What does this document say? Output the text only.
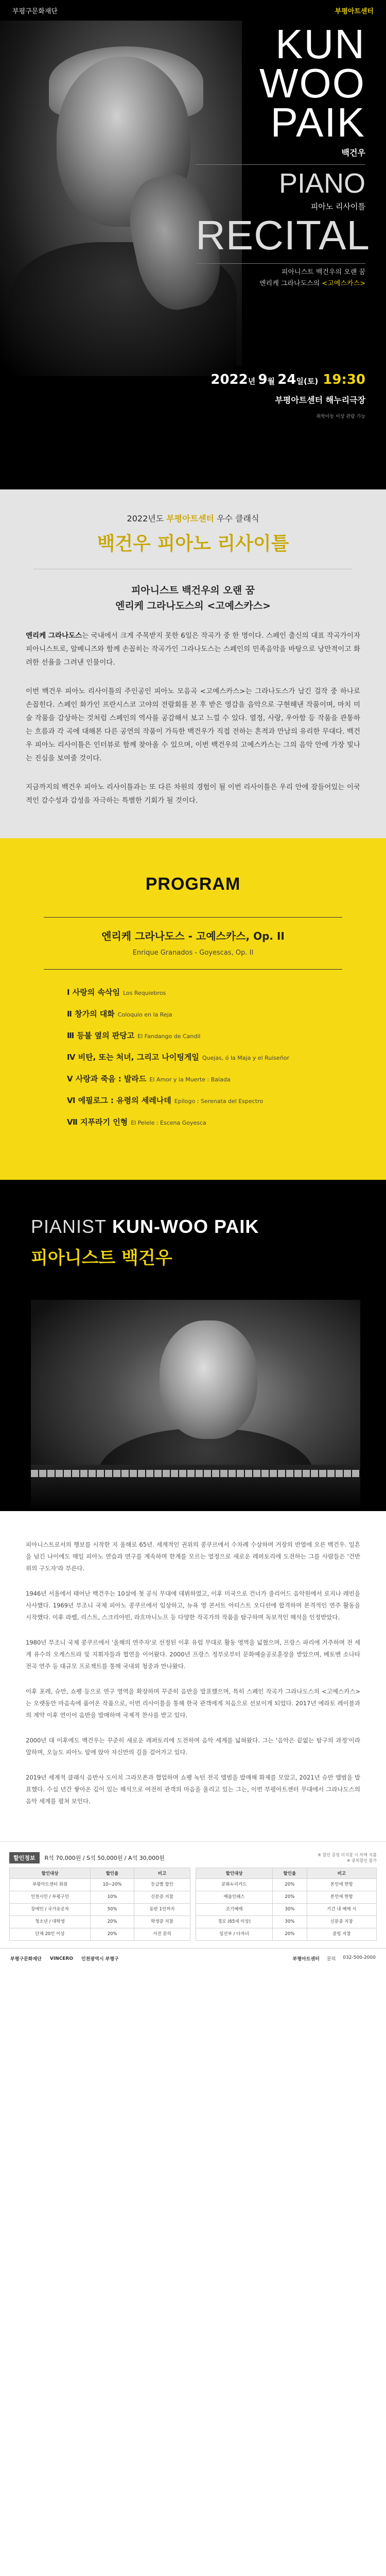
부평구문화재단	부평아트센터
KUN
WOO
PAIK
백건우
PIANO
피아노 리사이틀
RECITAL
피아니스트 백건우의 오랜 꿈
엔리케 그라나도스의 <고예스카스>
2022년 9월 24일(토) 19:30
부평아트센터 해누리극장
취학아동 이상 관람 가능
2022년도 부평아트센터 우수 클래식
백건우 피아노 리사이틀
피아니스트 백건우의 오랜 꿈
엔리케 그라나도스의 <고예스카스>

엔리케 그라나도스는 국내에서 크게 주목받지 못한 6일은 작곡가 중 한 명이다. 스페인 출신의 대표 작곡가이자 피아니스트로, 알베니즈와 함께 손꼽히는 작곡가인 그라나도스는 스페인의 민족음악을 바탕으로 낭만적이고 화려한 선율을 그려낸 인물이다.

이번 백건우 피아노 리사이틀의 주인공인 피아노 모음곡 <고예스카스>는 그라나도스가 남긴 걸작 중 하나로 손꼽힌다. 스페인 화가인 프란시스코 고야의 전람회를 본 후 받은 영감을 음악으로 구현해낸 작품이며, 마치 미술 작품을 감상하는 것처럼 스페인의 역사를 공감해서 보고 느낄 수 있다. 열정, 사랑, 우아함 등 작품을 관통하는 흐름과 각 곡에 대해본 다른 공연의 작품이 가득한 백건우가 직접 전하는 흔적과 만남의 유리한 무대다. 백건우 피아노 리사이틀은 인터뷰로 함께 찾아올 수 있으며, 이번 백건우의 고예스카스는 그의 음악 안에 가장 빛나는 진심을 보여줄 것이다.

지금까지의 백건우 피아노 리사이틀과는 또 다른 차원의 경험이 될 이번 리사이틀은 우리 안에 잠들어있는 이국적인 감수성과 감성을 자극하는 특별한 기회가 될 것이다.

PROGRAM
엔리케 그라나도스 - 고예스카스, Op. II
Enrique Granados - Goyescas, Op. II
Ⅰ 사랑의 속삭임 Los Requiebros
Ⅱ 창가의 대화 Coloquio en la Reja
Ⅲ 등불 옆의 판당고 El Fandango de Candil
Ⅳ 비탄, 또는 처녀, 그리고 나이팅게일 Quejas, ó la Maja y el Ruiseñor
Ⅴ 사랑과 죽음 : 발라드 El Amor y la Muerte : Balada
Ⅵ 에필로그 : 유령의 세레나데 Epílogo : Serenata del Espectro
Ⅶ 지푸라기 인형 El Pelele : Escena Goyesca
PIANIST KUN-WOO PAIK
피아니스트 백건우

피아니스트로서의 행보를 시작한 지 올해로 65년. 세계적인 권위의 콩쿠르에서 수차례 수상하며 거장의 반열에 오른 백건우. 일흔을 넘긴 나이에도 매일 피아노 연습과 연구를 계속하며 한계를 모르는 열정으로 새로운 레퍼토리에 도전하는 그를 사람들은 '건반 위의 구도자'라 부른다.

1946년 서울에서 태어난 백건우는 10살에 첫 공식 무대에 데뷔하였고, 이후 미국으로 건너가 줄리어드 음악원에서 로지나 레빈을 사사했다. 1969년 부조니 국제 피아노 콩쿠르에서 입상하고, 뉴욕 영 콘서트 아티스트 오디션에 합격하며 본격적인 연주 활동을 시작했다. 이후 라벨, 리스트, 스크리아빈, 라흐마니노프 등 다양한 작곡가의 작품을 탐구하며 독보적인 해석을 인정받았다.

1980년 부조니 국제 콩쿠르에서 '올해의 연주자'로 선정된 이후 유럽 무대로 활동 영역을 넓혔으며, 프랑스 파리에 거주하며 전 세계 유수의 오케스트라 및 지휘자들과 협연을 이어왔다. 2000년 프랑스 정부로부터 문화예술공로훈장을 받았으며, 베토벤 소나타 전곡 연주 등 대규모 프로젝트를 통해 국내외 청중과 만나왔다.

이후 포레, 슈만, 쇼팽 등으로 연구 영역을 확장하며 꾸준히 음반을 발표했으며, 특히 스페인 작곡가 그라나도스의 <고예스카스>는 오랫동안 마음속에 품어온 작품으로, 이번 리사이틀을 통해 한국 관객에게 처음으로 선보이게 되었다. 2017년 에라토 레이블과의 계약 이후 연이어 음반을 발매하며 국제적 찬사를 받고 있다.

2000년 대 이후에도 백건우는 꾸준히 새로운 레퍼토리에 도전하며 음악 세계를 넓혀왔다. 그는 '음악은 끝없는 탐구의 과정'이라 말하며, 오늘도 피아노 앞에 앉아 자신만의 길을 걸어가고 있다.

2019년 세계적 클래식 음반사 도이치 그라모폰과 협업하며 쇼팽 녹턴 전곡 앨범을 발매해 화제를 모았고, 2021년 슈만 앨범을 발표했다. 수십 년간 쌓아온 깊이 있는 해석으로 여전히 관객의 마음을 울리고 있는 그는, 이번 부평아트센터 무대에서 그라나도스의 음악 세계를 펼쳐 보인다.

할인정보	R석 70,000원 / S석 50,000원 / A석 30,000원	※ 할인 증빙 미지참 시 차액 지불
※ 중복할인 불가
할인대상	할인율	비고
부평아트센터 회원	10~20%	등급별 할인
인천시민 / 부평구민	10%	신분증 지참
장애인 / 국가유공자	50%	동반 1인까지
청소년 / 대학생	20%	학생증 지참
단체 20인 이상	20%	사전 문의
할인대상	할인율	비고
문화누리카드	20%	본인에 한함
예술인패스	20%	본인에 한함
조기예매	30%	기간 내 예매 시
경로 (65세 이상)	30%	신분증 지참
임산부 / 다자녀	20%	증빙 지참
부평구문화재단 VINCERO 인천광역시 부평구	부평아트센터 문의 032-500-2000
